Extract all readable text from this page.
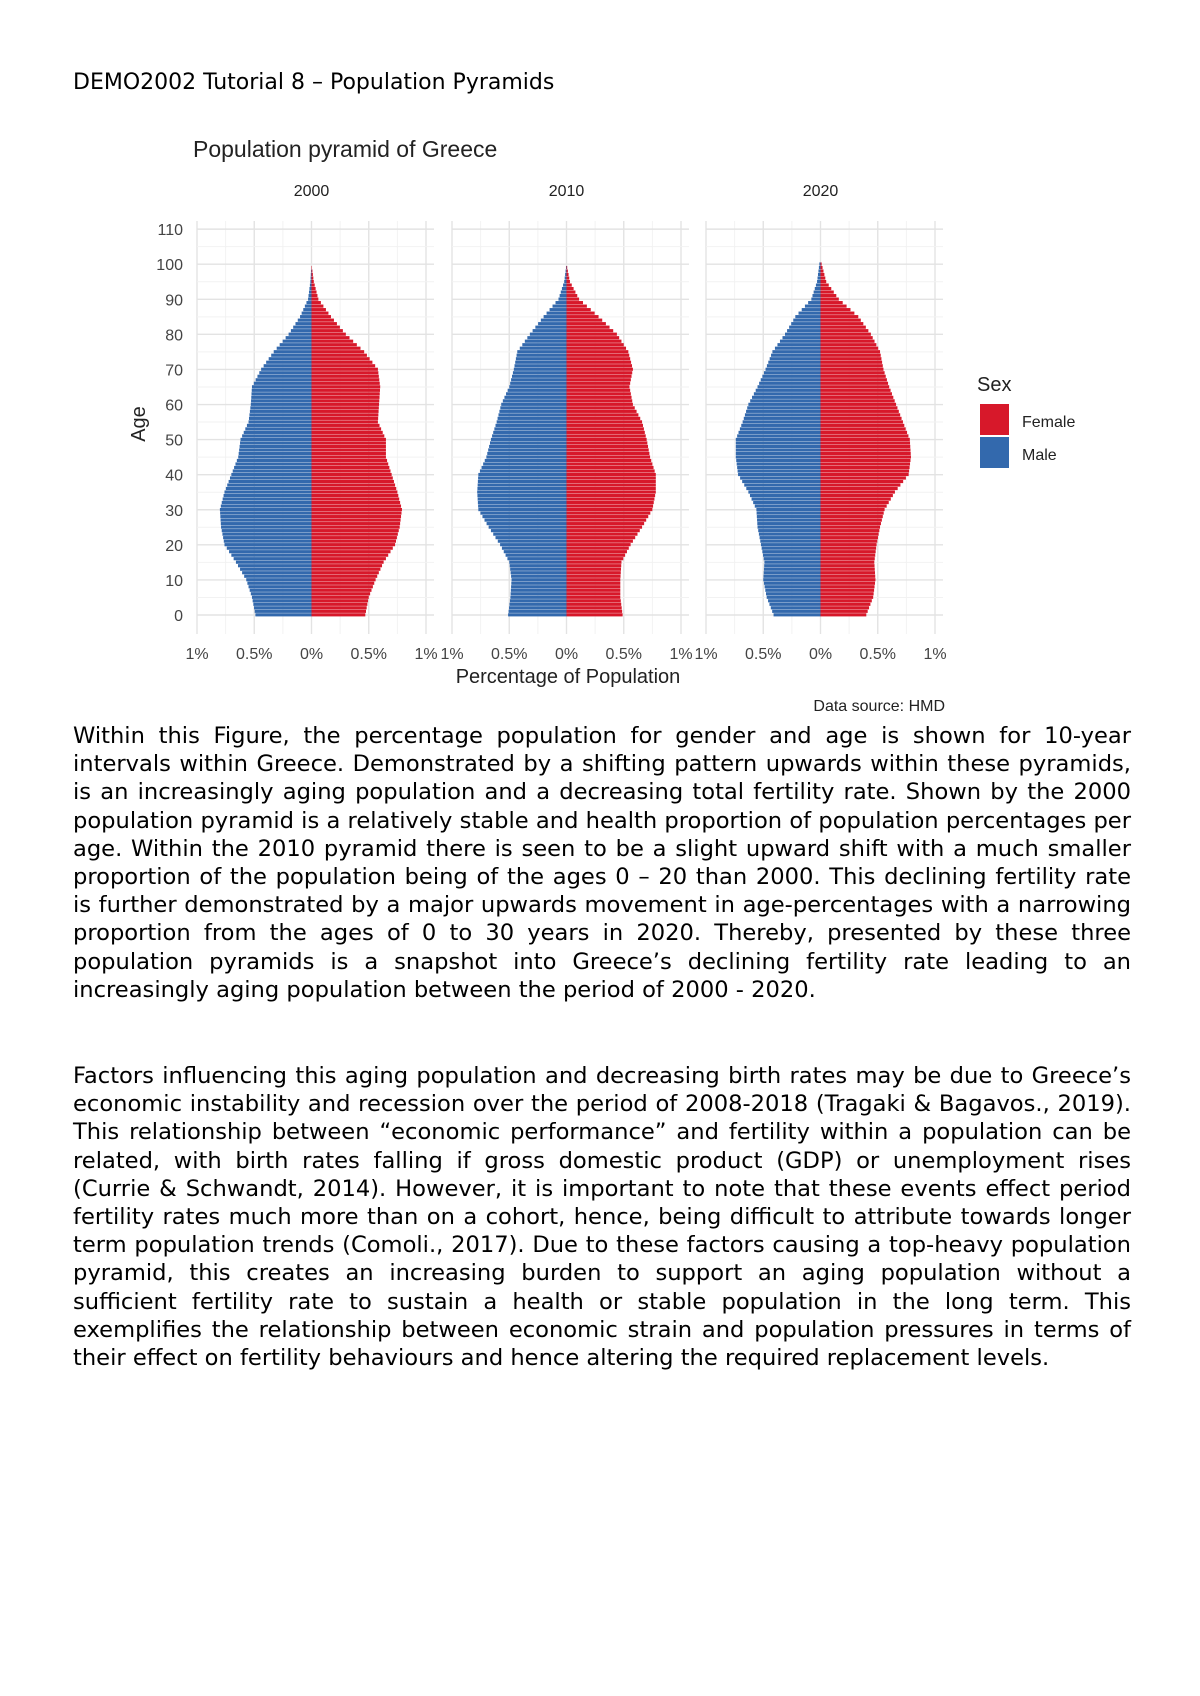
DEMO2002 Tutorial 8 – Population Pyramids
Population pyramid of Greece
Age
Percentage of Population
Data source: HMD
Sex
Female
Male
0
10
20
30
40
50
60
70
80
90
100
110
2000
1% 0.5% 0% 0.5% 1%
2010
1% 0.5% 0% 0.5% 1%
2020
1% 0.5% 0% 0.5% 1%

Within this Figure, the percentage population for gender and age is shown for 10-year intervals within Greece. Demonstrated by a shifting pattern upwards within these pyramids, is an increasingly aging population and a decreasing total fertility rate. Shown by the 2000 population pyramid is a relatively stable and health proportion of population percentages per age. Within the 2010 pyramid there is seen to be a slight upward shift with a much smaller proportion of the population being of the ages 0 – 20 than 2000. This declining fertility rate is further demonstrated by a major upwards movement in age-percentages with a narrowing proportion from the ages of 0 to 30 years in 2020. Thereby, presented by these three population pyramids is a snapshot into Greece’s declining fertility rate leading to an increasingly aging population between the period of 2000 - 2020.

Factors influencing this aging population and decreasing birth rates may be due to Greece’s economic instability and recession over the period of 2008-2018 (Tragaki & Bagavos., 2019). This relationship between “economic performance” and fertility within a population can be related, with birth rates falling if gross domestic product (GDP) or unemployment rises (Currie & Schwandt, 2014). However, it is important to note that these events effect period fertility rates much more than on a cohort, hence, being difficult to attribute towards longer term population trends (Comoli., 2017). Due to these factors causing a top-heavy population pyramid, this creates an increasing burden to support an aging population without a sufficient fertility rate to sustain a health or stable population in the long term. This exemplifies the relationship between economic strain and population pressures in terms of their effect on fertility behaviours and hence altering the required replacement levels.
